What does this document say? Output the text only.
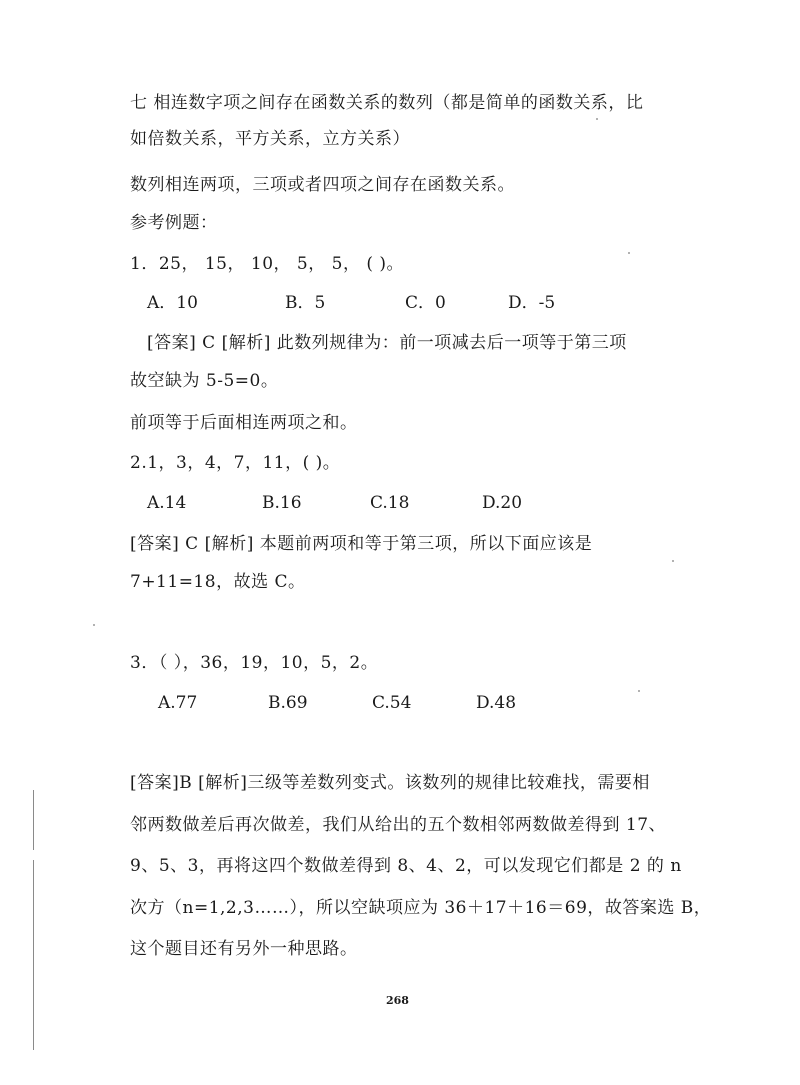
七 相连数字项之间存在函数关系的数列（都是简单的函数关系，比
如倍数关系，平方关系，立方关系）
数列相连两项，三项或者四项之间存在函数关系。
参考例题：
1．25， 15， 10， 5， 5， ( )。
A．10	B．5	C．0	D．-5
[答案] C [解析] 此数列规律为：前一项减去后一项等于第三项
故空缺为 5-5=0。
前项等于后面相连两项之和。
2.1，3，4，7，11，( )。
A.14	B.16	C.18	D.20
[答案] C [解析] 本题前两项和等于第三项，所以下面应该是
7+11=18，故选 C。
3．（ ），36，19，10，5，2。
A.77	B.69	C.54	D.48
[答案]B [解析]三级等差数列变式。该数列的规律比较难找，需要相
邻两数做差后再次做差，我们从给出的五个数相邻两数做差得到 17、
9、5、3，再将这四个数做差得到 8、4、2，可以发现它们都是 2 的 n
次方（n=1,2,3……），所以空缺项应为 36＋17＋16＝69，故答案选 B，
这个题目还有另外一种思路。
268
